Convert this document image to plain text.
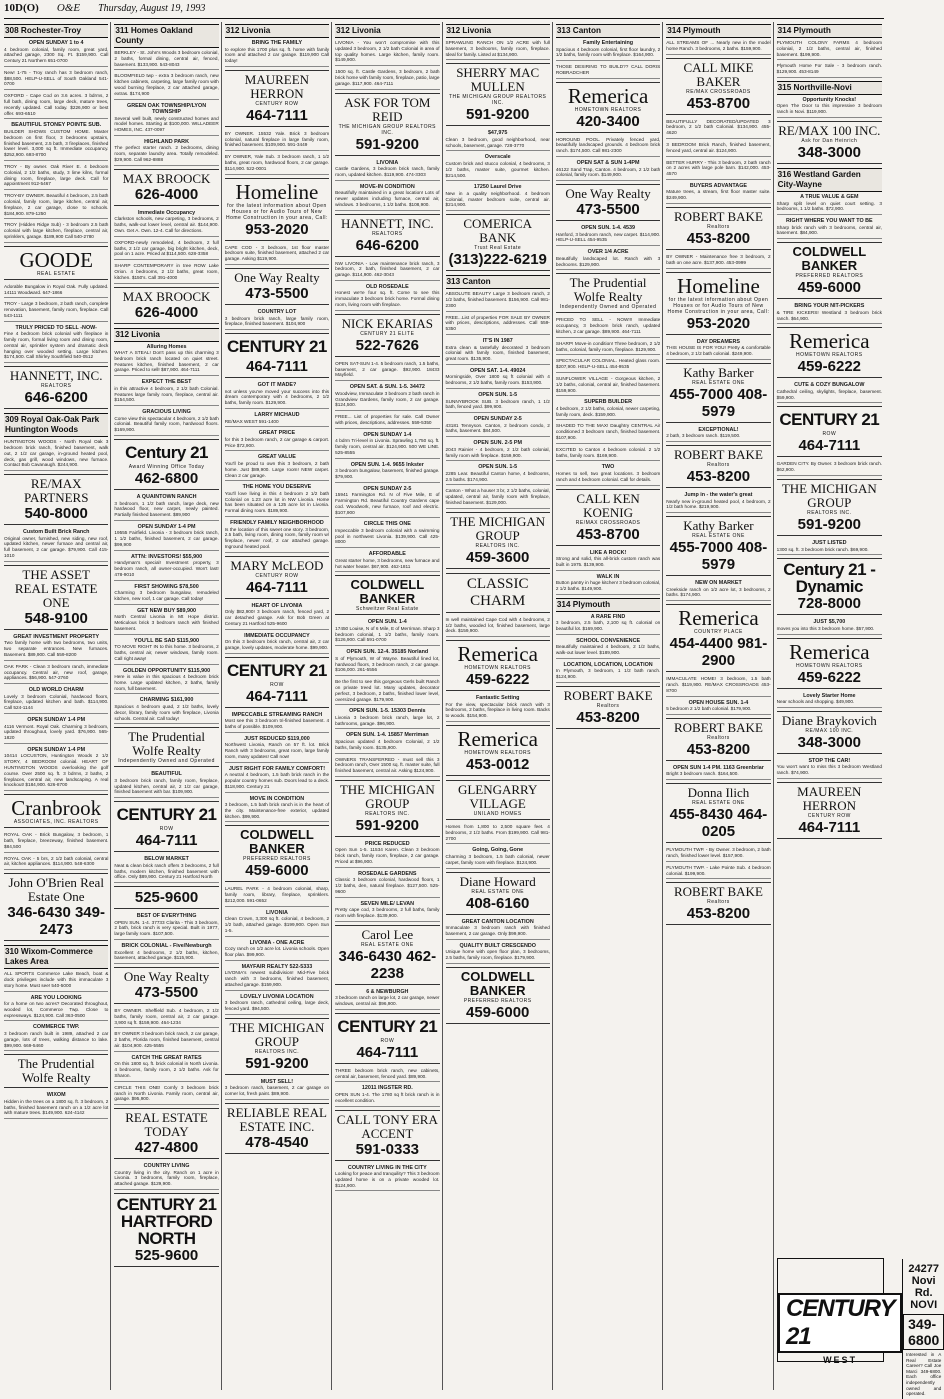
10D(O) O&E Thursday, August 19, 1993
308 Rochester-Troy
OPEN SUNDAY 1 to 4
4 bedroom colonial, family room, great yard, attached garage, 2300 Sq. Ft. $159,900. Call Century 21 Northern 651-0700
New! 1-75 - Troy ranch has 3 bedroom ranch, $88,500. HELP-U-SELL of South Oakland 541-0700
OXFORD - Cape Cod on 3.6 acres. 3 bdrms, 2 full bath, dining room, large deck, mature trees, recently updated. Call today. $226,900 or best offer. 693-6510
BEAUTIFUL STONEY POINTE SUB.
BUILDER SHOWS CUSTOM HOME. Master bedroom on first floor, 3 bedrooms upstairs, finished basement, 2.5 bath, 3 fireplaces, finished lower level. 3,000 sq ft. Immediate occupancy. $252,900. 693-8700
TROY - By owner. Oak River E. 4 bedroom Colonial, 2 1/2 baths, study, 3 lime kilns, formal dining room, fireplace, large deck. Call for appointment 912-5467
TROY-BY OWNER. Beautiful 4 bedroom, 2.5 bath colonial, family room, large kitchen, central air, fireplace, 2 car garage, close to schools. $184,900. 879-1250
TROY (Hidden Ridge Sub) - 3 bedroom 2.5 bath colonial with large kitchen, fireplace, central air, sprinklers, garage. $189,900 Call 540-2780
GOODE
REAL ESTATE
Adorable Bungalow in Royal Oak. Fully updated. 14111 Woodward. 647-1866
TROY - Large 3 bedroom, 2 bath ranch, complete renovation, basement, family room, fireplace. Call 543-1111
TRULY PRICED TO SELL -NOW-
Fine 4 bedroom brick colonial with fireplace in family room, formal living room and dining room, central air, sprinkler system and dramatic deck hanging over wooded setting. Large kitchen. $174,500. Call Shirley Southfield 540-0512
HANNETT, INC.
REALTORS
646-6200
309 Royal Oak-Oak Park Huntington Woods
HUNTINGTON WOODS - North Royal Oak 3 bedroom brick ranch, finished basement, walk out, 2 1/2 car garage, in-ground heated pool, deck, gas grill, wood windows, new furnace. Contact Bob Cavanaugh. $244,900.
RE/MAX PARTNERS
540-8000
Custom Built Brick Ranch
Original owner, furnished, new siding, new roof, updated kitchen, newer furnace and central air, full basement, 2 car garage. $79,900. Call 415-1010
THE ASSET REAL ESTATE ONE
548-9100
GREAT INVESTMENT PROPERTY
Two family home with two bedrooms, two units, two separate entrances. New furnaces. Basement. $89,900. Call 559-8200
OAK PARK - Clean 3 bedroom ranch, immediate occupancy. Central air, new roof, garage, appliances. $56,900. 547-2760
OLD WORLD CHARM
Lovely 3 bedroom Colonial, hardwood floors, fireplace, updated kitchen and bath. $114,900. Call 524-1144
OPEN SUNDAY 1-4 PM
4116 Vermont. Royal Oak. Charming 3 bedroom, updated throughout, lovely yard. $76,900. 565-1820
OPEN SUNDAY 1-4 PM
10414 LOCUSTON, Huntington Woods 2 1/2 STORY, 4 BEDROOM colonial. HEART OF HUNTINGTON WOODS overlooking the golf course. Over 2500 sq. ft. 3 bdrms, 2 baths, 2 fireplaces, central air, new landscaping. A real knockout! $184,900. 626-8700
Cranbrook
ASSOCIATES, INC. REALTORS
ROYAL OAK - Brick Bungalow, 3 bedroom, 1 bath, fireplace, breezeway, finished basement. $84,500
ROYAL OAK - 5 brs, 2 1/2 bath colonial, central air, kitchen appliances. $114,900. 548-6300
John O'Brien Real Estate One
346-6430 349-2473
310 Wixom-Commerce Lakes Area
ALL SPORTS Commerce Lake Beach, boat & dock privileges include with this immaculate 3 story home. Must see! 540-5000
ARE YOU LOOKING
for a home on two acres? Decorated throughout, wooded lot, Commerce Twp. Close to expressways. $124,900. Call 363-0500
COMMERCE TWP.
3 bedroom ranch built in 1989, attached 2 car garage, lots of trees, walking distance to lake. $99,900. 669-5460
The Prudential Wolfe Realty
WIXOM
Hidden in the trees on a 1800 sq. ft. 3 bedroom, 2 baths, finished basement ranch on a 1/2 acre lot with mature trees. $149,900. 624-4142
311 Homes Oakland County
BERKLEY - St. John's Woods 3 bedroom colonial, 2 baths, formal dining, central air, fenced, basement. $133,900. 543-8043
BLOOMFIELD twp - extra 3 bedroom ranch, new kitchen cabinets, carpeting, large family room with wood burning fireplace, 2 car attached garage, extras. $174,900
GREEN OAK TOWNSHIP/LYON TOWNSHIP
Several well built, newly constructed homes and model homes. Starting at $100,000. WILLADEER HOMES, INC. 437-0097
HIGHLAND PARK
The perfect starter ranch. 2 bedrooms, dining room, separate laundry area. Totally remodeled. $29,900. Call 962-8888
MAX BROOCK
626-4000
Immediate Occupancy
Clarkston schools, new carpeting, 3 bedrooms, 2 baths, walk-out lower level, central air. $144,900. Own. Get A. Own. 12-4. Call for directions.
OXFORD-newly remodeled, 4 bedroom, 2 full baths, 2 1/2 car garage, big bright kitchen, deck, pool on 1 acre. Priced at $114,500. 628-3358
SHARP CONTEMPORARY in tree ROW Lake Orion. 4 bedrooms, 2 1/2 baths, great room, kitchen. $150's. Call 391-4000
MAX BROOCK
626-4000
312 Livonia
Alluring Homes
WHAT A STEAL! Don't pass up this charming 3 bedroom brick ranch located on quiet street. Features kitchen, finished basement, 2 car garage. Priced to sell! $87,900. 464-7111
EXPECT THE BEST
in this attractive 4 bedroom, 2 1/2 bath Colonial. Features large family room, fireplace, central air. $154,500.
GRACIOUS LIVING
Come view this spectacular 4 bedroom, 2 1/2 bath colonial. Beautiful family room, hardwood floors. $169,900.
Century 21
Award Winning Office Today
462-6800
A QUAINTOWN RANCH
3 bedroom, 1 1/2 bath ranch, large deck, new hardwood floor, new carpet, newly painted. Partially finished basement. $89,900
OPEN SUNDAY 1-4 PM
19555 Fairfield. Livonia - 3 bedroom brick ranch, 1 1/2 baths, finished basement, 2 car garage. $99,900
ATTN: INVESTORS! $55,900
Handyman's special! Investment property, 3 bedroom ranch, all owner-occupied. Won't last! 478-9010
FIRST SHOWING $78,500
Charming 3 bedroom bungalow, remodeled kitchen, new roof, 1 car garage. Call today!
GET NEW BUY $89,900
North Central Livonia in Mt Hope district. Meticulous brick 3 bedroom ranch with finished basement.
YOU'LL BE SAD $115,900
TO MOVE RIGHT IN to this home. 3 bedrooms, 2 baths, central air, newer windows, family room. Call right away!
GOLDEN OPPORTUNITY $115,900
Here is value in this spacious 4 bedroom brick home. Large updated kitchen, 2 baths, family room, full basement.
CHARMING $161,900
Spacious 4 bedroom quad, 2 1/2 baths, lovely decor, library, family room with fireplace, Livonia schools. Central air. Call today!
The Prudential Wolfe Realty
Independently Owned and Operated
BEAUTIFUL
3 bedroom brick ranch, family room, fireplace, updated kitchen, central air, 2 1/2 car garage, finished basement with bar. $109,900.
CENTURY 21
ROW
464-7111
BELOW MARKET
Neat & clean brick ranch offers 3 bedrooms, 2 full baths, modern kitchen, finished basement with office. Only $89,900. Century 21 Hartford North
525-9600
BEST OF EVERYTHING
OPEN SUN. 1-4. 37733 Clarita - This 3 bedroom, 2 bath, brick ranch is very special. Built in 1977, large family room. $107,500.
BRICK COLONIAL - Five/Newburgh
Excellent 4 bedrooms, 2 1/2 baths, kitchen, basement, attached garage. $115,900.
One Way Realty
473-5500
BY OWNER. Sheffield Sub. 4 bedroom, 2 1/2 baths, family room, central air, 2 car garage. 3,900 sq ft. $159,900. 464-1234
BY OWNER 3 bedroom brick ranch, 2 car garage, 2 baths, Florida room, finished basement, central air. $104,900. 425-5555
CATCH THE GREAT RATES
On this 1800 sq. ft. brick colonial in North Livonia. 4 bedrooms, family room, 2 1/2 baths. Ask for Sharon.
CIRCLE THIS ONE! Comfy 3 bedroom brick ranch in North Livonia. Family room, central air, garage. $95,900.
REAL ESTATE TODAY
427-4800
COUNTRY LIVING
Country living in the city. Ranch on 1 acre in Livonia. 3 bedrooms, family room, fireplace, attached garage. $129,900.
CENTURY 21 HARTFORD NORTH
525-9600
312 Livonia
BRING THE FAMILY
to explore this 1700 plus sq. ft. home with family room and attached 2 car garage. $119,900 Call today!
MAUREEN HERRON
CENTURY ROW
464-7111
BY OWNER. 15532 Yale. Brick 3 bedroom colonial, natural fireplace in large family room, finished basement. $109,900. 591-3449
BY OWNER, Yale Sub. 3 bedroom ranch, 1 1/2 baths, great room, hardwood floors, 2 car garage. $114,900. 522-0001
Homeline
for the latest information about Open Houses or for Audio Tours of New Home Construction in your area, Call:
953-2020
CAPE COD - 3 bedroom, 1st floor master bedroom suite, finished basement, attached 2 car garage. Asking $119,900.
One Way Realty
473-5500
COUNTRY LOT
3 bedroom brick ranch, large family room, fireplace, finished basement. $104,900
CENTURY 21
464-7111
GOT IT MADE?
not unless you've moved your success into this dream contemporary with 4 bedrooms, 2 1/2 baths, family room. $129,900.
LARRY MICHAUD
RE/MAX WEST 591-1400
GREAT PRICE
for this 3 bedroom ranch, 2 car garage & carport. Price $72,900.
GREAT VALUE
You'll be proud to own this 3 bedroom, 2 bath home. Just $89,900. Large room! NEW carpet. Clean 2 car garage.
THE HOME YOU DESERVE
You'll love living in this 4 bedroom 2 1/2 bath Colonial on 1.23 acre lot in NW Livonia. Home has been situated on a 125 acre lot in Livonia. Formal dining room. $189,900.
FRIENDLY FAMILY NEIGHBORHOOD
Is the location of this sweet one story. 3 bedroom, 2.5 bath, living room, dining room, family room w/ fireplace, newer roof, 2 car attached garage. Inground heated pool.
MARY McLEOD
CENTURY ROW
464-7111
HEART OF LIVONIA
Only $82,900! 3 bedroom ranch, fenced yard, 2 car detached garage. Ask for Bob Green at Century 21 Hartford 525-9600
IMMEDIATE OCCUPANCY
On this 3 bedroom brick ranch, central air, 2 car garage, lovely updates, moderate home. $99,900.
CENTURY 21
ROW
464-7111
IMPECCABLE STREAMING RANCH
Most see this 3 bedroom tri-finished basement. 4 baths of possible. $109,900.
JUST REDUCED $119,000
Northwest Livonia, Ranch on 57 ft. lot. Brick Ranch with 3 bedrooms, great room, large family room, many updates! Call now!
JUST RIGHT FOR FAMILY COMFORT!
A neutral 4 bedroom, 1.5 bath brick ranch in the popular country homes sub. Doors lead to a deck. $118,900. Century 21
MOVE IN CONDITION
3 bedroom, 1.5 bath brick ranch is in the heart of the city. Maintenance-free exterior, updated kitchen. $99,900.
COLDWELL BANKER
PREFERRED REALTORS
459-6000
LAUREL PARK - 4 bedroom colonial, sharp, family room, library, fireplace, sprinklers. $212,000. 591-0652
LIVONIA
Clean Crown, 3,300 sq ft. colonial, 4 bedroom, 2 1/2 bath, attached garage. $199,900. Open Sun 1-5.
LIVONIA - ONE ACRE
Cozy ranch on 1/2 acre lot. Livonia schools. Open floor plan. $99,900.
MAYFAIR REALTY 522-5333
LIVONIA's newest subdivision! Mid-Five brick ranch with 3 bedrooms, finished basement, attached garage. $159,900.
LOVELY LIVONIA LOCATION
3 bedroom ranch, cathedral ceiling, large deck, fenced yard. $94,500.
THE MICHIGAN GROUP
REALTORS INC.
591-9200
MUST SELL!
3 bedroom ranch, basement, 2 car garage on corner lot, fresh paint. $89,900.
RELIABLE REAL ESTATE INC.
478-4540
312 Livonia
LIVONIA - You won't compromise with this updated 3 bedroom, 2 1/2 bath Colonial in area of top quality homes. Large kitchen, family room. $149,900.
1500 sq. ft. Castle Gardens, 3 bedroom, 2 bath brick home with family room, fireplace, patio, large garage. $117,900. 464-7111
ASK FOR TOM REID
THE MICHIGAN GROUP REALTORS INC.
591-9200
LIVONIA
Castle Gardens, 3 bedroom brick ranch, family room, updated kitchen. $119,900. 474-3303
MOVE-IN CONDITION
Beautifully maintained in a great location! Lots of newer updates including furnace, central air, windows. 3 bedrooms, 1 1/2 baths. $108,900.
HANNETT, INC.
REALTORS
646-6200
NW LIVONIA - Low maintenance brick ranch, 3 bedroom, 2 bath, finished basement, 2 car garage. $114,900. 462-3043
OLD ROSEDALE
Honest we're four sq. ft. Come to see this immaculate 3 bedroom brick home. Formal dining room, living room with fireplace.
NICK EKARIAS
CENTURY 21 ELITE
522-7626
OPEN SAT-SUN 1-4. 5 bedroom ranch, 1.5 baths, basement, 2 car garage. $92,900. 18433 Mayfield.
OPEN SAT. & SUN. 1-5. 34472
Woodview, Immaculate 3 bedroom 2 bath ranch in Grandview Gardens, family room, 2 car garage. $124,500.
FREE... List of properties for sale. Call Owner with prices, descriptions, addresses. 559-5350
OPEN SUNDAY 1-4
4 bdrm Tri-level in Livonia. Sprawling 1,750 sq. ft. family room, central air. $124,900. 500 WE LINE. 525-8555
OPEN SUN. 1-4. 9655 Inkster
3 bedroom bungalow, basement, finished garage. $79,900.
OPEN SUNDAY 2-5
15941 Farmington Rd. N of Five Mile, E of Farmington Rd. Beautiful Country Gardens cape cod. Woodwork, new furnace, roof and electric. $107,900
CIRCLE THIS ONE
Impeccable 3 bedroom colonial with a swimming pool in northwest Livonia. $139,900. Call 425-8000
AFFORDABLE
Great starter home, 3 bedrooms, new furnace and hot water heater. $67,900. 462-1811
COLDWELL BANKER
Schweitzer Real Estate
OPEN SUN. 1-4
17450 Louise, N of 6 Mile, E of Merriman. Sharp 3 bedroom colonial, 1 1/2 baths, family room. $126,900. Call 591-0700
OPEN SUN. 12-4. 35185 Norland
S of Plymouth, W of Wayne. Beautiful lined lot, hardwood floors, 3 bedroom ranch, 2 car garage. $106,000. 261-5556
Be the first to see this gorgeous Gerls built Ranch on private treed lot. Many updates, decorator perfect, 3 bedroom, 2 baths, finished lower level, oversized garage. $179,900.
OPEN SUN. 1-5. 15303 Dennis
Livonia 3 bedroom brick ranch, large lot, 2 bathrooms, garage. $96,900.
OPEN SUN. 1-4. 15857 Merriman
Spacious updated 4 bedroom Colonial, 2 1/2 baths, family room. $135,900.
OWNERS TRANSFERRED - must sell this 3 bedroom ranch, Over 1500 sq. ft. master suite, full finished basement, central air. Asking $124,900.
THE MICHIGAN GROUP
REALTORS INC.
591-9200
PRICE REDUCED
Open Sun 1-5. 11534 Karen. Clean 3 bedroom brick ranch, family room, fireplace, 2 car garage. Priced at $96,900.
ROSEDALE GARDENS
Classic 3 bedroom colonial, hardwood floors, 1 1/2 baths, den, natural fireplace. $127,500. 525-9600
SEVEN MILE/ LEVAN
Pretty cape cod, 3 bedrooms, 2 full baths, family room with fireplace. $139,900.
Carol Lee
REAL ESTATE ONE
346-6430 462-2238
6 & NEWBURGH
3 bedroom ranch on large lot, 2 car garage, newer windows, central air. $96,900.
CENTURY 21
ROW
464-7111
THREE bedroom brick ranch, new cabinets, central air, basement, fenced yard. $89,900.
12011 INGSTER RD.
OPEN SUN 1-4. The 1780 sq ft brick ranch is in excellent condition.
CALL TONY ERA ACCENT
591-0333
COUNTRY LIVING IN THE CITY
Looking for peace and tranquility? This 3 bedroom updated home is on a private wooded lot. $124,900.
312 Livonia
SPRAWLING RANCH ON 1/2 ACRE with full basement, 3 bedrooms, family room, fireplace. Ideal for family. Listed at $134,900.
SHERRY MAC MULLEN
THE MICHIGAN GROUP REALTORS INC.
591-9200
$47,975
Clean 3 bedroom, good neighborhood, near schools, basement, garage. 728-3770
Overscale
Custom brick and stucco colonial, 4 bedrooms, 3 1/2 baths, master suite, gourmet kitchen. $214,500.
17250 Laurel Drive
New in a quality neighborhood. 4 bedroom Colonial, master bedroom suite, central air. $214,900.
COMERICA BANK
Trust Real Estate
(313)222-6219
313 Canton
ABSOLUTE BEAUTY Large 3 bedroom ranch, 2 1/2 baths, finished basement. $156,900. Call 981-2300
FREE...List of properties FOR SALE BY OWNER with prices, descriptions, addresses. Call 559-5350
IT'S IN 1987
Extra clean & tastefully decorated 3 bedroom colonial with family room, finished basement, great room. $135,900.
OPEN SAT. 1-4. 49024
Morningside, Over 1800 sq ft colonial with 4 bedrooms, 2 1/2 baths, family room. $153,900.
OPEN SUN. 1-5
SUNNYBROOK SUB. 3 bedroom ranch, 1 1/2 bath, fenced yard. $99,900.
OPEN SUNDAY 2-5
43181 Tennyson. Canton, 2 bedroom condo, 2 baths, basement. $84,500.
OPEN SUN. 2-5 PM
2043 Rainier - 4 bedroom, 2 1/2 bath colonial, family room with fireplace. $159,900.
OPEN SUN. 1-5
2285 Lear. Beautiful Canton home, 4 bedrooms, 2.5 baths. $174,900.
Canton - What a house! 3 br, 2 1/2 baths, colonial, updated, central air, family room with fireplace, finished basement. $129,000.
THE MICHIGAN GROUP
REALTORS INC.
459-3600
CLASSIC CHARM
In well maintained Cape Cod with 4 bedrooms, 2 1/2 baths, wooded lot, finished basement, large deck. $159,900.
Remerica
HOMETOWN REALTORS
459-6222
Fantastic Setting
For the view, spectacular brick ranch with 3 bedrooms, 2 baths, fireplace in living room. Backs to woods. $154,900.
Remerica
HOMETOWN REALTORS
453-0012
GLENGARRY VILLAGE
UNILAND HOMES
Homes from 1,800 to 2,500 square feet. 4 bedrooms, 2 1/2 baths. From $199,900. Call 981-2700
Going, Going, Gone
Charming 3 bedroom, 1.5 bath colonial, newer carpet, family room with fireplace. $124,900.
Diane Howard
REAL ESTATE ONE
408-6160
GREAT CANTON LOCATION
Immaculate 3 bedroom ranch with finished basement, 2 car garage. Only $99,900.
QUALITY BUILT CRESCENDO
Unique home with open floor plan, 3 bedrooms, 2.5 baths, family room, fireplace. $179,900.
COLDWELL BANKER
PREFERRED REALTORS
459-6000
313 Canton
Family Entertaining
Spacious 4 bedroom colonial, first floor laundry, 2 1/2 baths, family room with fireplace. $164,900.
THOSE DESIRING TO BUILD?? CALL DORIS ROBRADCHER
Remerica
HOMETOWN REALTORS
420-3400
HOROUND POOL. Privately fenced yard, beautifully landscaped grounds. 4 bedroom brick ranch. $174,500. Call 981-2300
OPEN SAT & SUN 1-4PM
46122 Sand Trap, Canton. 4 bedroom, 2 1/2 bath colonial, family room. $149,900.
One Way Realty
473-5500
OPEN SUN. 1-4. 4539
Hanford, 3 bedroom ranch, new carpet. $114,900. HELP-U-SELL 454-9535
OVER 1/4 ACRE
Beautifully landscaped lot. Ranch with 3 bedrooms. $129,900.
The Prudential Wolfe Realty
Independently Owned and Operated
PRICED TO SELL - NOW!!! Immediate occupancy, 3 bedroom brick ranch, updated kitchen, 2 car garage. $89,900. 464-7111
SHARP! Move-in condition! Three bedroom, 2 1/2 baths, colonial, family room, fireplace. $129,900.
SPECTACULAR COLONIAL. Heated glass room. $207,900. HELP-U-SELL 454-9535
SUNFLOWER VILLAGE - Gorgeous kitchen, 2 1/2 baths, colonial, central air, finished basement. $159,900.
SUPERB BUILDER
4 bedroom, 2 1/2 baths, colonial, newer carpeting, family room, deck. $159,900.
SHADED TO THE MAX! Daughtry CENTRAL Air conditioned 3 bedroom ranch, finished basement. $107,900.
EXCITED to Canton 4 bedroom colonial. 2 1/2 baths, family room. $169,900.
TWO
Homes to sell, two great locations. 3 bedroom ranch and 4 bedroom colonial. Call for details.
CALL KEN KOENIG
RE/MAX CROSSROADS
453-8700
LIKE A ROCK!
Strong and solid, this all-brick custom ranch was built in 1975. $139,900.
WALK IN
Button pantry in huge kitchen! 3 bedroom colonial, 2 1/2 baths. $149,900.
314 Plymouth
A RARE FIND
3 bedroom, 2.5 bath, 2,100 sq ft. colonial on beautiful lot. $169,900.
SCHOOL CONVENIENCE
Beautifully maintained 4 bedroom, 2 1/2 baths, walk-out lower level. $189,900.
LOCATION, LOCATION, LOCATION
In Plymouth, 3 bedroom, 1 1/2 bath ranch. $124,900.
ROBERT BAKE
Realtors
453-8200
314 Plymouth
ALL STREAMS OF ... Nearly new in the model home Ranch. 3 bedrooms, 2 baths. $159,900.
CALL MIKE BAKER
RE/MAX CROSSROADS
453-8700
BEAUTIFULLY DECORATED/UPDATED 3 bedroom, 2 1/2 bath Colonial. $134,900. 455-4620
3 BEDROOM Brick Ranch, finished basement, fenced yard, central air. $124,900.
BETTER HURRY - This 3 bedroom, 2 bath ranch on 2 acres with large pole barn. $142,000. 453-4570
BUYERS ADVANTAGE
Mature trees, a stream, first floor master suite. $249,900.
ROBERT BAKE
Realtors
453-8200
BY OWNER - Maintenance free 3 bedroom, 2 bath on one acre. $137,900. 453-0999
Homeline
for the latest information about Open Houses or for Audio Tours of New Home Construction in your area, Call:
953-2020
DAY DREAMERS
THIS HOUSE IS FOR YOU! Pretty & comfortable 4 bedroom, 2 1/2 bath colonial. $249,900.
Kathy Barker
REAL ESTATE ONE
455-7000 408-5979
EXCEPTIONAL!
2 bath, 3 bedroom ranch. $119,500.
ROBERT BAKE
Realtors
453-8200
Jump in - the water's great
Nearly new in-ground heated pool, 4 bedroom, 2 1/2 bath home. $219,900.
Kathy Barker
REAL ESTATE ONE
455-7000 408-5979
NEW ON MARKET
Creekside ranch on 1/2 acre lot, 3 bedrooms, 2 baths. $174,900.
Remerica
COUNTRY PLACE
454-4400 981-2900
IMMACULATE HOME! 3 bedroom, 1.5 bath ranch. $119,900. RE/MAX CROSSROADS 453-8700
OPEN HOUSE SUN. 1-4
5 bedroom 2 1/2 bath colonial. $179,900.
ROBERT BAKE
Realtors
453-8200
OPEN SUN 1-4 PM. 1163 Greenbriar
Bright 3 bedroom ranch. $164,500.
Donna Ilich
REAL ESTATE ONE
455-8430 464-0205
PLYMOUTH TWP. - By Owner. 3 bedroom, 2 bath ranch, finished lower level. $157,900.
PLYMOUTH TWP. - Lake Pointe Sub. 4 bedroom colonial. $199,900.
ROBERT BAKE
Realtors
453-8200
314 Plymouth
PLYMOUTH COLONY FARMS 4 bedroom colonial, 2 1/2 baths, central air, finished basement. $199,900.
Plymouth Home For Sale - 3 bedroom ranch. $129,900. 453-8149
315 Northville-Novi
Opportunity Knocks!
Open The Door to this impressive 3 bedroom ranch in Novi. $119,900.
RE/MAX 100 INC.
Ask for Dan Heinrich
348-3000
316 Westland Garden City-Wayne
A TRUE VALUE & GEM
Sharp split level on quiet court setting. 3 bedrooms, 1 1/2 baths. $72,900.
RIGHT WHERE YOU WANT TO BE
Sharp brick ranch with 3 bedrooms, central air, basement. $84,900.
COLDWELL BANKER
PREFERRED REALTORS
459-6000
BRING YOUR NIT-PICKERS
& TIRE KICKERS! Westland 3 bedroom brick ranch. $64,900.
Remerica
HOMETOWN REALTORS
459-6222
CUTE & COZY BUNGALOW
Cathedral ceiling, skylights, fireplace, basement. $59,900.
CENTURY 21
ROW
464-7111
GARDEN CITY. By Owner. 3 bedroom brick ranch. $62,900.
THE MICHIGAN GROUP
REALTORS INC.
591-9200
JUST LISTED
1300 sq. ft. 3 bedroom brick ranch. $69,900.
Century 21 - Dynamic
728-8000
JUST $5,700
moves you into this 3 bedroom home. $57,900.
Remerica
HOMETOWN REALTORS
459-6222
Lovely Starter Home
Near schools and shopping. $49,900.
Diane Braykovich
RE/MAX 100 INC.
348-3000
STOP THE CAR!
You won't want to miss this 3 bedroom Westland ranch. $74,900.
MAUREEN HERRON
CENTURY ROW
464-7111
CENTURY 21
WEST
24277 Novi Rd. NOVI
349-6800
Interested in A Real Estate Career? Call Joe Marci 349-6800. Each office independently owned and operated.
